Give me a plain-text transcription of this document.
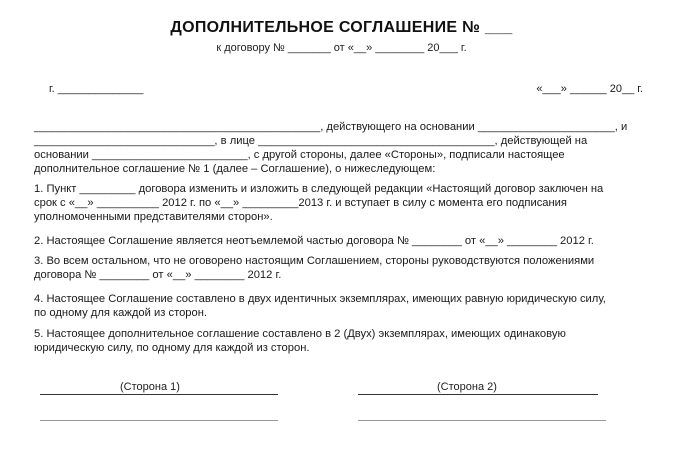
ДОПОЛНИТЕЛЬНОЕ СОГЛАШЕНИЕ № ___
к договору № _______ от «__» ________ 20___ г.
г. ______________	«___» ______ 20__ г.
______________________________________________, действующего на основании ______________________, и
_____________________________, в лице ______________________________________, действующей на
основании _________________________, с другой стороны, далее «Стороны», подписали настоящее
дополнительное соглашение № 1 (далее – Соглашение), о нижеследующем:
1. Пункт _________ договора изменить и изложить в следующей редакции «Настоящий договор заключен на
срок с «__» __________ 2012 г. по «__» _________2013 г. и вступает в силу с момента его подписания
уполномоченными представителями сторон».
2. Настоящее Соглашение является неотъемлемой частью договора № ________ от «__» ________ 2012 г.
3. Во всем остальном, что не оговорено настоящим Соглашением, стороны руководствуются положениями
договора № ________ от «__» ________ 2012 г.
4. Настоящее Соглашение составлено в двух идентичных экземплярах, имеющих равную юридическую силу,
по одному для каждой из сторон.
5. Настоящее дополнительное соглашение составлено в 2 (Двух) экземплярах, имеющих одинаковую
юридическую силу, по одному для каждой из сторон.
(Сторона 1)	(Сторона 2)
